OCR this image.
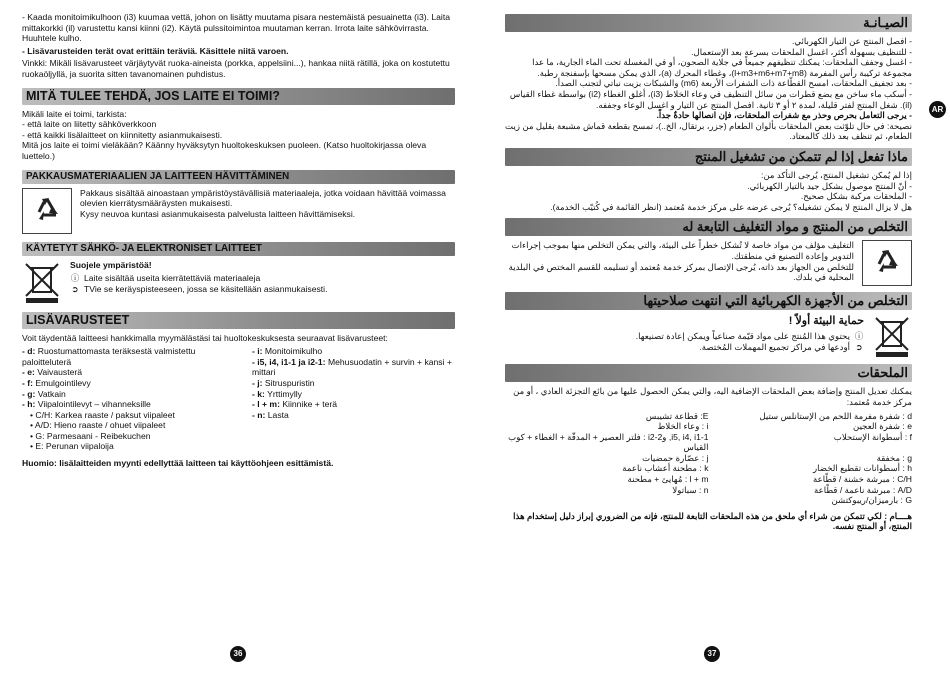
- Kaada monitoimikulhoon (i3) kuumaa vettä, johon on lisätty muutama pisara nestemäistä pesuainetta (i3). Laita mittakorkki (il) varustettu kansi kiinni (i2). Käytä pulssitoimintoa muutaman kerran. Irrota laite sähkövirrasta. Huuhtele kulho.

- Lisävarusteiden terät ovat erittäin teräviä. Käsittele niitä varoen.

Vinkki: Mikäli lisävarusteet värjäytyvät ruoka-aineista (porkka, appelsiini...), hankaa niitä rätillä, joka on kostutettu ruokaöljyllä, ja suorita sitten tavanomainen puhdistus.

MITÄ TULEE TEHDÄ, JOS LAITE EI TOIMI?

Mikäli laite ei toimi, tarkista:

- että laite on liitetty sähköverkkoon

- että kaikki lisälaitteet on kiinnitetty asianmukaisesti.

Mitä jos laite ei toimi vieläkään? Käänny hyväksytyn huoltokeskuksen puoleen. (Katso huoltokirjassa oleva luettelo.)

PAKKAUSMATERIAALIEN JA LAITTEEN HÄVITTÄMINEN

Pakkaus sisältää ainoastaan ympäristöystävällisiä materiaaleja, jotka voidaan hävittää voimassa olevien kierrätysmääräysten mukaisesti.

Kysy neuvoa kuntasi asianmukaisesta palvelusta laitteen hävittämiseksi.

KÄYTETYT SÄHKÖ- JA ELEKTRONISET LAITTEET

Suojele ympäristöä!

ⓘ Laite sisältää useita kierrätettäviä materiaaleja
➲ TVie se keräyspisteeseen, jossa se käsitellään asianmukaisesti.
LISÄVARUSTEET

Voit täydentää laitteesi hankkimalla myymälästäsi tai huoltokeskuksesta seuraavat lisävarusteet:

- d: Ruostumattomasta teräksestä valmistettu paloitteluterä

- e: Vaivausterä

- f: Emulgointilevy

- g: Vatkain

- h: Viipalointilevyt – vihanneksille

• C/H: Karkea raaste / paksut viipaleet

• A/D: Hieno raaste / ohuet viipaleet

• G: Parmesaani - Reibekuchen

• E: Perunan viipaloija

- i: Monitoimikulho

- i5, i4, i1-1 ja i2-1: Mehusuodatin + survin + kansi + mittari

- j: Sitruspuristin

- k: Yrttimylly

- l + m: Kiinnike + terä

- n: Lasta

Huomio: lisälaitteiden myynti edellyttää laitteen tai käyttöohjeen esittämistä.

36
الصيـانـة

- افصل المنتج عن التيار الكهربائي.

- للتنظيف بسهولة أكثر، اغسل الملحقات بسرعة بعد الإستعمال.

- اغسل وجفف الملحقات: يمكنك تنظيفهم جميعاً في جلاية الصحون، أو في المغسلة تحت الماء الجارية، ما عدا مجموعة تركيبة رأس المفرمة (l+m3+m6+m7+m8)، وغطاء المحرك (a)، الذي يمكن مسحها بإسفنجة رطبة.

- بعد تجفيف الملحقات، امسح القطّاعة ذات الشفرات الأربعة (m6) والشبكات بزيت نباتي لتجنب الصدأ.

- أسكب ماء ساخن مع بضع قطرات من سائل التنظيف في وعاء الخلاط (i3)، أغلق الغطاء (i2) بواسطة غطاء القياس (il). شغل المنتج لفتر قليلة، لمدة ٢ أو ٣ ثانية. افصل المنتج عن التيار و اغسل الوعاء وجففه.

- يرجى التعامل بحرص وحذر مع شفرات الملحقات، فإن انصالها حادةٌ جداً.

نصيحة: في حال تلوّثت بعض الملحقات بألوان الطعام (جزر، برتقال، الخ..)، تمسح بقطعة قماش مشبعة بقليل من زيت الطعام، ثم تنظف بعد ذلك كالمعتاد.

ماذا تفعل إذا لم تتمكن من تشغيل المنتج

إذا لم يُمكن تشغيل المنتج، يُرجى التأكد من:

- أنّ المنتج موصول بشكل جيد بالتيار الكهربائي.

- الملحقات مركبة بشكل صحيح.

هل لا يزال المنتج لا يمكن تشغيله؟ يُرجى عرضه على مركز خدمة مُعتمد (انظر القائمة في كُتيّب الخدمة).

التخلص من المنتج و مواد التغليف التابعة له

التغليف مؤلف من مواد خاصة لا تُشكل خطراً على البيئة، والتي يمكن التخلص منها بموجب إجراءات التدوير وإعادة التصنيع في منطقتك.

للتخلص من الجهاز بعد ذاته، يُرجى الإتصال بمركز خدمة مُعتمد أو تسليمه للقسم المختص في البلدية المحلية في بلدك.

التخلص من الأجهزة الكهربائية التي انتهت صلاحيتها

حماية البيئة أولاً !

ⓘ
يحتوي هذا المُنتج على مواد قيّمة صناعياً ويمكن إعادة تصنيعها.
➲
أودعها في مراكز تجميع المهملات المُختصة.
الملحقات

يمكنك تعديل المنتج وإضافة بعض الملحقات الإضافية اليه، والتي يمكن الحصول عليها من بائع التجزئة العادي ، أو من مركز خدمة مُعتمد:

d : شفرة مفرمة اللحم من الإستانلس ستيل
E: قطاعة تشيبس
e : شفرة العجين
i : وعاء الخلاط
f : أسطوانة الإستحلاب
i5, i4, i1-1, وi2-2 : فلتر العصير + المدقّة + الغطاء + كوب القياس
g : مخفقة
j : عصّارة حمضيات
h : أسطوانات تقطيع الخضار
k : مطحنة أعشاب ناعمة
C/H : مبرشة خشنة / قطّاعة
l + m : مُهايئ + مطحنة
A/D : مبرشة ناعمة / قطّاعة
n : سباتولا
G : بارميزان/ريبوكتشن

هــــام : لكي تتمكن من شراء أي ملحق من هذه الملحقات التابعة للمنتج، فإنه من الضروري إبراز دليل إستخدام هذا المنتج، أو المنتج نفسه.

37
AR
